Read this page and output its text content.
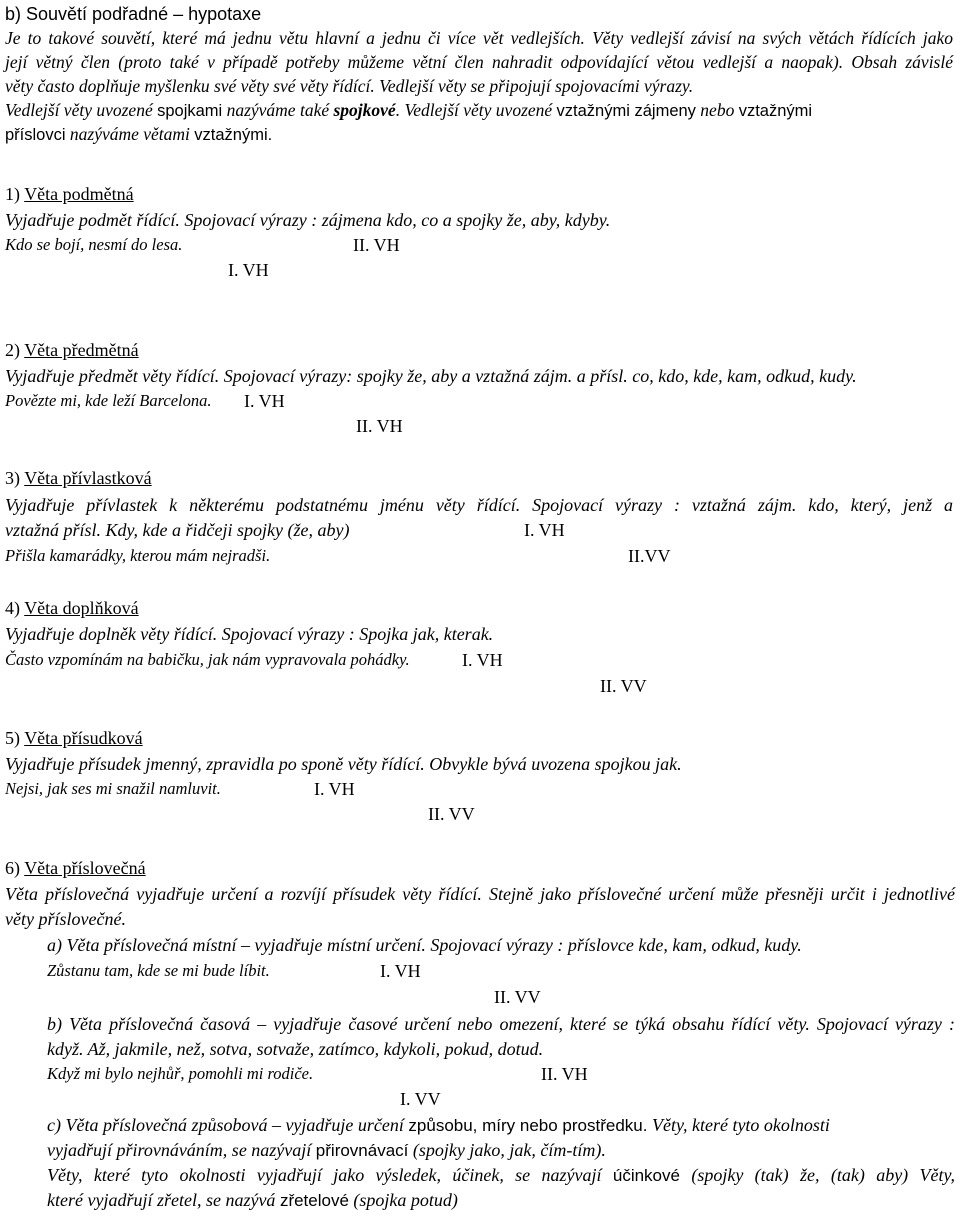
b) Souvětí podřadné – hypotaxe
Je to takové souvětí, které má jednu větu hlavní a jednu či více vět vedlejších. Věty vedlejší závisí na svých větách řídících jako
její větný člen (proto také v případě potřeby můžeme větní člen nahradit odpovídající větou vedlejší a naopak). Obsah závislé
věty často doplňuje myšlenku své věty své věty řídící. Vedlejší věty se připojují spojovacími výrazy.
Vedlejší věty uvozené spojkami nazýváme také spojkové. Vedlejší věty uvozené vztažnými zájmeny nebo vztažnými
příslovci nazýváme větami vztažnými.
1) Věta podmětná
Vyjadřuje podmět řídící. Spojovací výrazy : zájmena kdo, co a spojky že, aby, kdyby.
Kdo se bojí, nesmí do lesa.	II. VH
I. VH
2) Věta předmětná
Vyjadřuje předmět věty řídící. Spojovací výrazy: spojky že, aby a vztažná zájm. a přísl. co, kdo, kde, kam, odkud, kudy.
Povězte mi, kde leží Barcelona. I. VH
II. VH
3) Věta přívlastková
Vyjadřuje přívlastek k některému podstatnému jménu věty řídící. Spojovací výrazy : vztažná zájm. kdo, který, jenž a
vztažná přísl. Kdy, kde a řidčeji spojky (že, aby)	I. VH
Přišla kamarádky, kterou mám nejradši.	II.VV
4) Věta doplňková
Vyjadřuje doplněk věty řídící. Spojovací výrazy : Spojka jak, kterak.
Často vzpomínám na babičku, jak nám vypravovala pohádky.	I. VH
II. VV
5) Věta přísudková
Vyjadřuje přísudek jmenný, zpravidla po sponě věty řídící. Obvykle bývá uvozena spojkou jak.
Nejsi, jak ses mi snažil namluvit.	I. VH
II. VV
6) Věta příslovečná
Věta příslovečná vyjadřuje určení a rozvíjí přísudek věty řídící. Stejně jako příslovečné určení může přesněji určit i jednotlivé
věty příslovečné.
a) Věta příslovečná místní – vyjadřuje místní určení. Spojovací výrazy : příslovce kde, kam, odkud, kudy.
Zůstanu tam, kde se mi bude líbit.	I. VH
II. VV
b) Věta příslovečná časová – vyjadřuje časové určení nebo omezení, které se týká obsahu řídící věty. Spojovací výrazy :
když. Až, jakmile, než, sotva, sotvaže, zatímco, kdykoli, pokud, dotud.
Když mi bylo nejhůř, pomohli mi rodiče.	II. VH
I. VV
c) Věta příslovečná způsobová – vyjadřuje určení způsobu, míry nebo prostředku. Věty, které tyto okolnosti
vyjadřují přirovnáváním, se nazývají přirovnávací (spojky jako, jak, čím-tím).
Věty, které tyto okolnosti vyjadřují jako výsledek, účinek, se nazývají účinkové (spojky (tak) že, (tak) aby) Věty,
které vyjadřují zřetel, se nazývá zřetelové (spojka potud)
